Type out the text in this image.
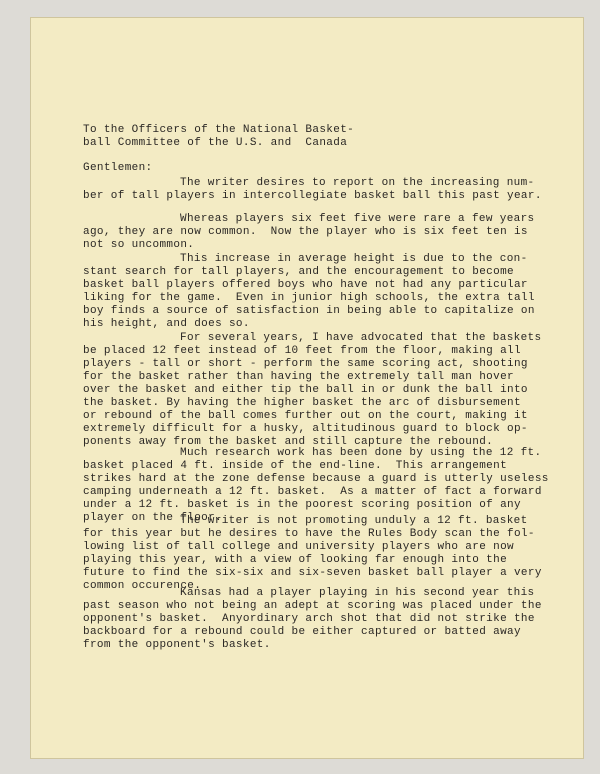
To the Officers of the National Basket-
ball Committee of the U.S. and  Canada
Gentlemen:
The writer desires to report on the increasing num-
ber of tall players in intercollegiate basket ball this past year.
Whereas players six feet five were rare a few years
ago, they are now common.  Now the player who is six feet ten is
not so uncommon.
This increase in average height is due to the con-
stant search for tall players, and the encouragement to become
basket ball players offered boys who have not had any particular
liking for the game.  Even in junior high schools, the extra tall
boy finds a source of satisfaction in being able to capitalize on
his height, and does so.
For several years, I have advocated that the baskets
be placed 12 feet instead of 10 feet from the floor, making all
players - tall or short - perform the same scoring act, shooting
for the basket rather than having the extremely tall man hover
over the basket and either tip the ball in or dunk the ball into
the basket. By having the higher basket the arc of disbursement
or rebound of the ball comes further out on the court, making it
extremely difficult for a husky, altitudinous guard to block op-
ponents away from the basket and still capture the rebound.
Much research work has been done by using the 12 ft.
basket placed 4 ft. inside of the end-line.  This arrangement
strikes hard at the zone defense because a guard is utterly useless
camping underneath a 12 ft. basket.  As a matter of fact a forward
under a 12 ft. basket is in the poorest scoring position of any
player on the floor.
The writer is not promoting unduly a 12 ft. basket
for this year but he desires to have the Rules Body scan the fol-
lowing list of tall college and university players who are now
playing this year, with a view of looking far enough into the
future to find the six-six and six-seven basket ball player a very
common occurence.
Kansas had a player playing in his second year this
past season who not being an adept at scoring was placed under the
opponent's basket.  Anyordinary arch shot that did not strike the
backboard for a rebound could be either captured or batted away
from the opponent's basket.
